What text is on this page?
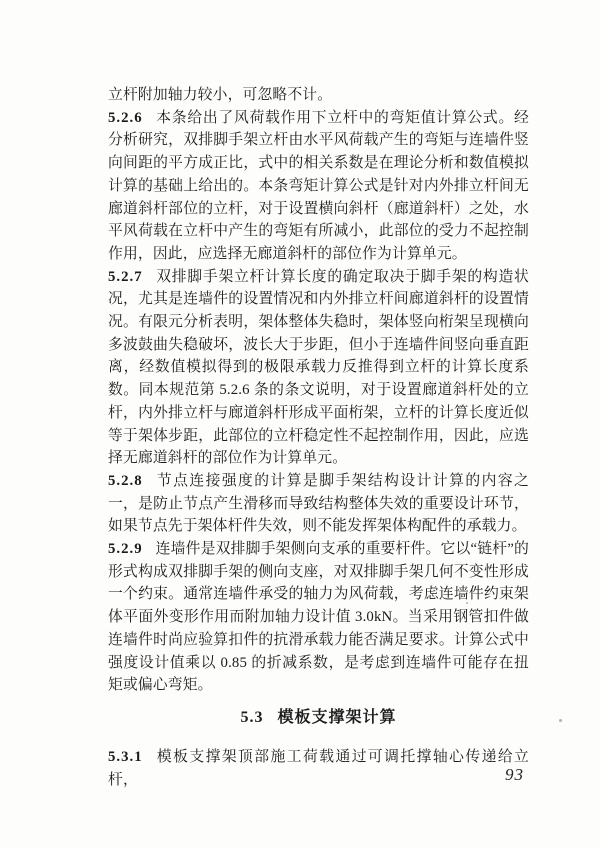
立杆附加轴力较小，可忽略不计。

5.2.6 本条给出了风荷载作用下立杆中的弯矩值计算公式。经分析研究，双排脚手架立杆由水平风荷载产生的弯矩与连墙件竖向间距的平方成正比，式中的相关系数是在理论分析和数值模拟计算的基础上给出的。本条弯矩计算公式是针对内外排立杆间无廊道斜杆部位的立杆，对于设置横向斜杆（廊道斜杆）之处，水平风荷载在立杆中产生的弯矩有所减小，此部位的受力不起控制作用，因此，应选择无廊道斜杆的部位作为计算单元。

5.2.7 双排脚手架立杆计算长度的确定取决于脚手架的构造状况，尤其是连墙件的设置情况和内外排立杆间廊道斜杆的设置情况。有限元分析表明，架体整体失稳时，架体竖向桁架呈现横向多波鼓曲失稳破坏，波长大于步距，但小于连墙件间竖向垂直距离，经数值模拟得到的极限承载力反推得到立杆的计算长度系数。同本规范第 5.2.6 条的条文说明，对于设置廊道斜杆处的立杆，内外排立杆与廊道斜杆形成平面桁架，立杆的计算长度近似等于架体步距，此部位的立杆稳定性不起控制作用，因此，应选择无廊道斜杆的部位作为计算单元。

5.2.8 节点连接强度的计算是脚手架结构设计计算的内容之一，是防止节点产生滑移而导致结构整体失效的重要设计环节，如果节点先于架体杆件失效，则不能发挥架体构配件的承载力。

5.2.9 连墙件是双排脚手架侧向支承的重要杆件。它以“链杆”的形式构成双排脚手架的侧向支座，对双排脚手架几何不变性形成一个约束。通常连墙件承受的轴力为风荷载，考虑连墙件约束架体平面外变形作用而附加轴力设计值 3.0kN。当采用钢管扣件做连墙件时尚应验算扣件的抗滑承载力能否满足要求。计算公式中强度设计值乘以 0.85 的折减系数，是考虑到连墙件可能存在扭矩或偏心弯矩。

5.3 模板支撑架计算

5.3.1 模板支撑架顶部施工荷载通过可调托撑轴心传递给立杆，	93
